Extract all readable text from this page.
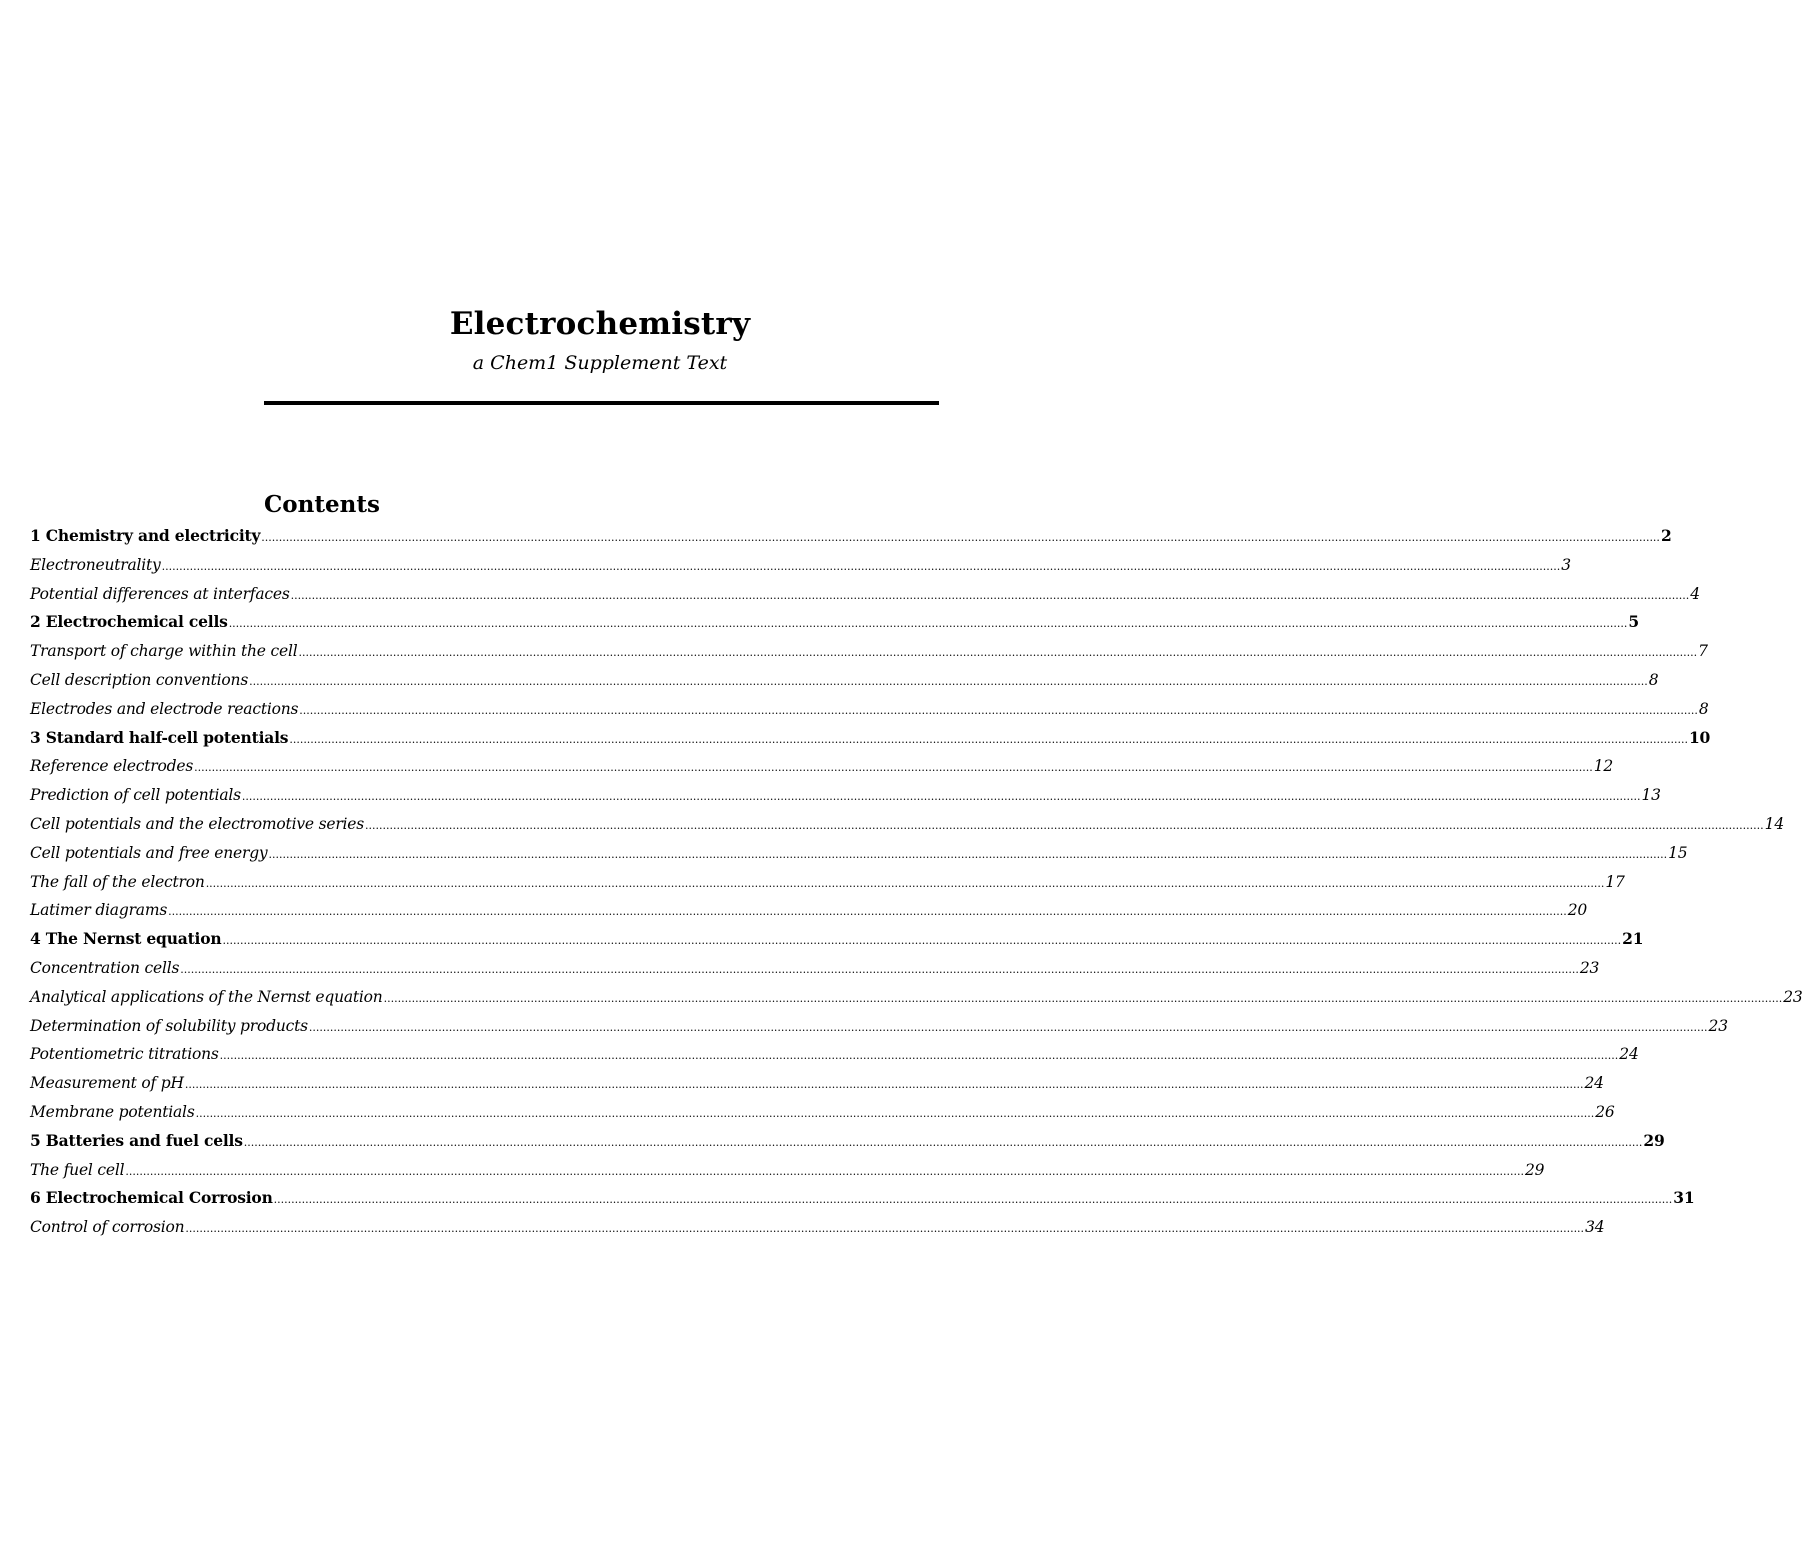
Electrochemistry
a Chem1 Supplement Text
Contents
1 Chemistry and electricity ................................................................................................................................................................................................................................................................................................................................................................................................................ 2
Electroneutrality ................................................................................................................................................................................................................................................................................................................................................................................................................ 3
Potential differences at interfaces ................................................................................................................................................................................................................................................................................................................................................................................................................ 4
2 Electrochemical cells ................................................................................................................................................................................................................................................................................................................................................................................................................ 5
Transport of charge within the cell ................................................................................................................................................................................................................................................................................................................................................................................................................ 7
Cell description conventions ................................................................................................................................................................................................................................................................................................................................................................................................................ 8
Electrodes and electrode reactions ................................................................................................................................................................................................................................................................................................................................................................................................................ 8
3 Standard half-cell potentials ................................................................................................................................................................................................................................................................................................................................................................................................................ 10
Reference electrodes ................................................................................................................................................................................................................................................................................................................................................................................................................ 12
Prediction of cell potentials ................................................................................................................................................................................................................................................................................................................................................................................................................ 13
Cell potentials and the electromotive series ................................................................................................................................................................................................................................................................................................................................................................................................................ 14
Cell potentials and free energy ................................................................................................................................................................................................................................................................................................................................................................................................................ 15
The fall of the electron ................................................................................................................................................................................................................................................................................................................................................................................................................ 17
Latimer diagrams ................................................................................................................................................................................................................................................................................................................................................................................................................ 20
4 The Nernst equation ................................................................................................................................................................................................................................................................................................................................................................................................................ 21
Concentration cells ................................................................................................................................................................................................................................................................................................................................................................................................................ 23
Analytical applications of the Nernst equation ................................................................................................................................................................................................................................................................................................................................................................................................................ 23
Determination of solubility products ................................................................................................................................................................................................................................................................................................................................................................................................................ 23
Potentiometric titrations ................................................................................................................................................................................................................................................................................................................................................................................................................ 24
Measurement of pH ................................................................................................................................................................................................................................................................................................................................................................................................................ 24
Membrane potentials ................................................................................................................................................................................................................................................................................................................................................................................................................ 26
5 Batteries and fuel cells ................................................................................................................................................................................................................................................................................................................................................................................................................ 29
The fuel cell ................................................................................................................................................................................................................................................................................................................................................................................................................ 29
6 Electrochemical Corrosion ................................................................................................................................................................................................................................................................................................................................................................................................................ 31
Control of corrosion ................................................................................................................................................................................................................................................................................................................................................................................................................ 34
